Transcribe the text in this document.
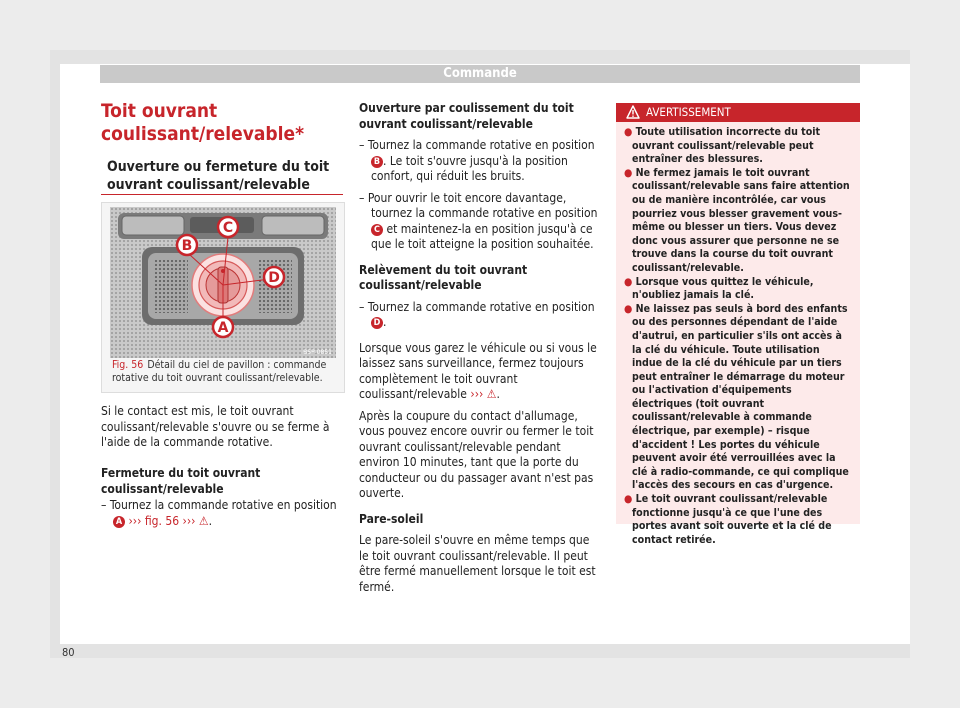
Commande
Toit ouvrant
coulissant/relevable*
Ouverture ou fermeture du toit ouvrant coulissant/relevable
C
B
D
A
B5P-0851
Fig. 56 Détail du ciel de pavillon : commande rotative du toit ouvrant coulissant/relevable.
Si le contact est mis, le toit ouvrant coulissant/relevable s'ouvre ou se ferme à l'aide de la commande rotative.
Fermeture du toit ouvrant coulissant/relevable
– Tournez la commande rotative en position
A ››› fig. 56 ››› ⚠.
Ouverture par coulissement du toit ouvrant coulissant/relevable
– Tournez la commande rotative en position B . Le toit s'ouvre jusqu'à la position confort, qui réduit les bruits.
– Pour ouvrir le toit encore davantage, tournez la commande rotative en position C et maintenez-la en position jusqu'à ce que le toit atteigne la position souhaitée.
Relèvement du toit ouvrant coulissant/relevable
– Tournez la commande rotative en position D .
Lorsque vous garez le véhicule ou si vous le laissez sans surveillance, fermez toujours complètement le toit ouvrant coulissant/relevable ››› ⚠.
Après la coupure du contact d'allumage, vous pouvez encore ouvrir ou fermer le toit ouvrant coulissant/relevable pendant environ 10 minutes, tant que la porte du conducteur ou du passager avant n'est pas ouverte.
Pare-soleil
Le pare-soleil s'ouvre en même temps que le toit ouvrant coulissant/relevable. Il peut être fermé manuellement lorsque le toit est fermé.
AVERTISSEMENT
● Toute utilisation incorrecte du toit ouvrant coulissant/relevable peut entraîner des blessures.
● Ne fermez jamais le toit ouvrant coulissant/relevable sans faire attention ou de manière incontrôlée, car vous pourriez vous blesser gravement vous-même ou blesser un tiers. Vous devez donc vous assurer que personne ne se trouve dans la course du toit ouvrant coulissant/relevable.
● Lorsque vous quittez le véhicule, n'oubliez jamais la clé.
● Ne laissez pas seuls à bord des enfants ou des personnes dépendant de l'aide d'autrui, en particulier s'ils ont accès à la clé du véhicule. Toute utilisation indue de la clé du véhicule par un tiers peut entraîner le démarrage du moteur ou l'activation d'équipements électriques (toit ouvrant coulissant/relevable à commande électrique, par exemple) – risque d'accident ! Les portes du véhicule peuvent avoir été verrouillées avec la clé à radio-commande, ce qui complique l'accès des secours en cas d'urgence.
● Le toit ouvrant coulissant/relevable fonctionne jusqu'à ce que l'une des portes avant soit ouverte et la clé de contact retirée.
80
